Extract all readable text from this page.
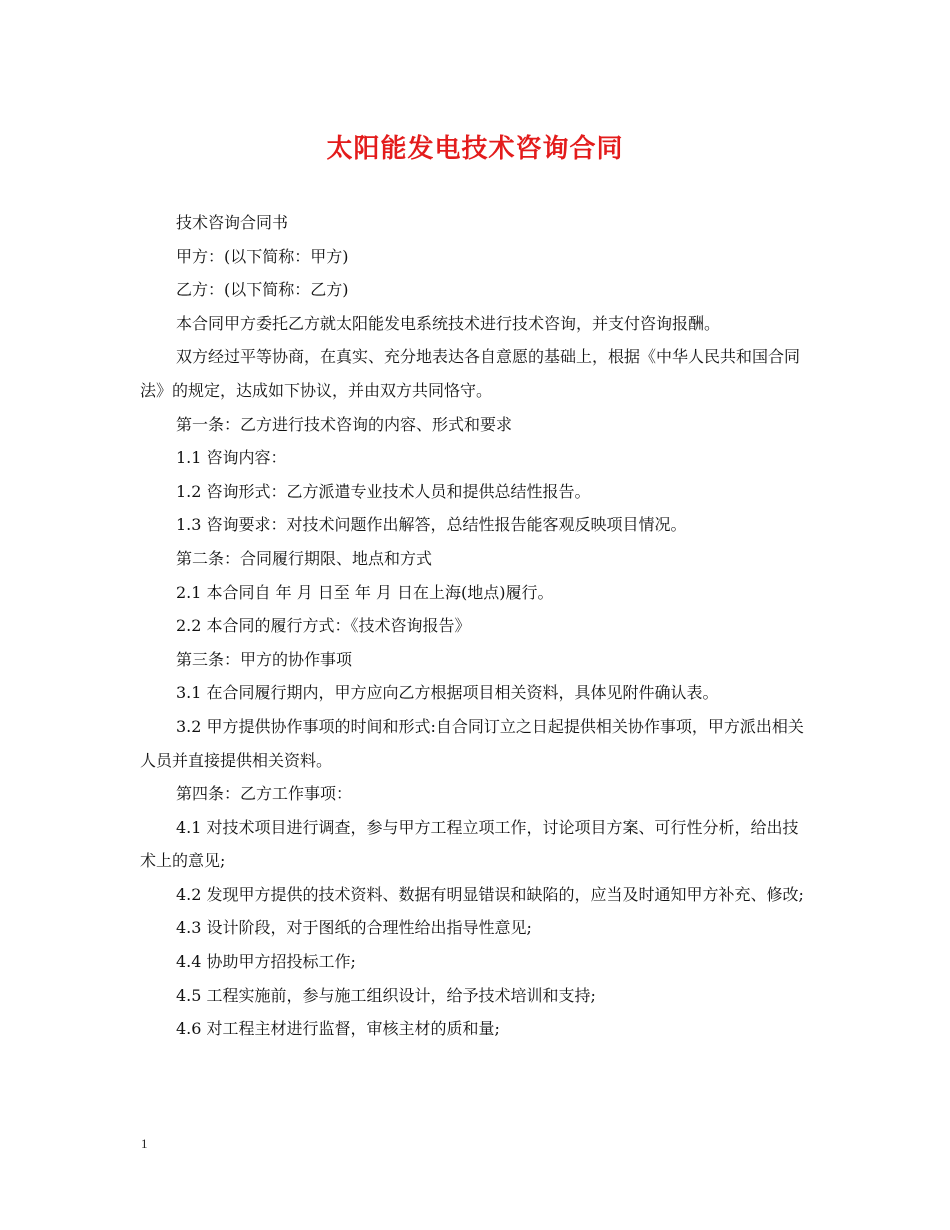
太阳能发电技术咨询合同

技术咨询合同书

甲方：(以下简称：甲方)

乙方：(以下简称：乙方)

本合同甲方委托乙方就太阳能发电系统技术进行技术咨询，并支付咨询报酬。

双方经过平等协商，在真实、充分地表达各自意愿的基础上，根据《中华人民共和国合同法》的规定，达成如下协议，并由双方共同恪守。

第一条：乙方进行技术咨询的内容、形式和要求

1.1 咨询内容：

1.2 咨询形式：乙方派遣专业技术人员和提供总结性报告。

1.3 咨询要求：对技术问题作出解答，总结性报告能客观反映项目情况。

第二条：合同履行期限、地点和方式

2.1 本合同自 年 月 日至 年 月 日在上海(地点)履行。

2.2 本合同的履行方式：《技术咨询报告》

第三条：甲方的协作事项

3.1 在合同履行期内，甲方应向乙方根据项目相关资料，具体见附件确认表。

3.2 甲方提供协作事项的时间和形式:自合同订立之日起提供相关协作事项，甲方派出相关人员并直接提供相关资料。

第四条：乙方工作事项：

4.1 对技术项目进行调查，参与甲方工程立项工作，讨论项目方案、可行性分析，给出技术上的意见;

4.2 发现甲方提供的技术资料、数据有明显错误和缺陷的，应当及时通知甲方补充、修改;

4.3 设计阶段，对于图纸的合理性给出指导性意见;

4.4 协助甲方招投标工作;

4.5 工程实施前，参与施工组织设计，给予技术培训和支持;

4.6 对工程主材进行监督，审核主材的质和量;

1
